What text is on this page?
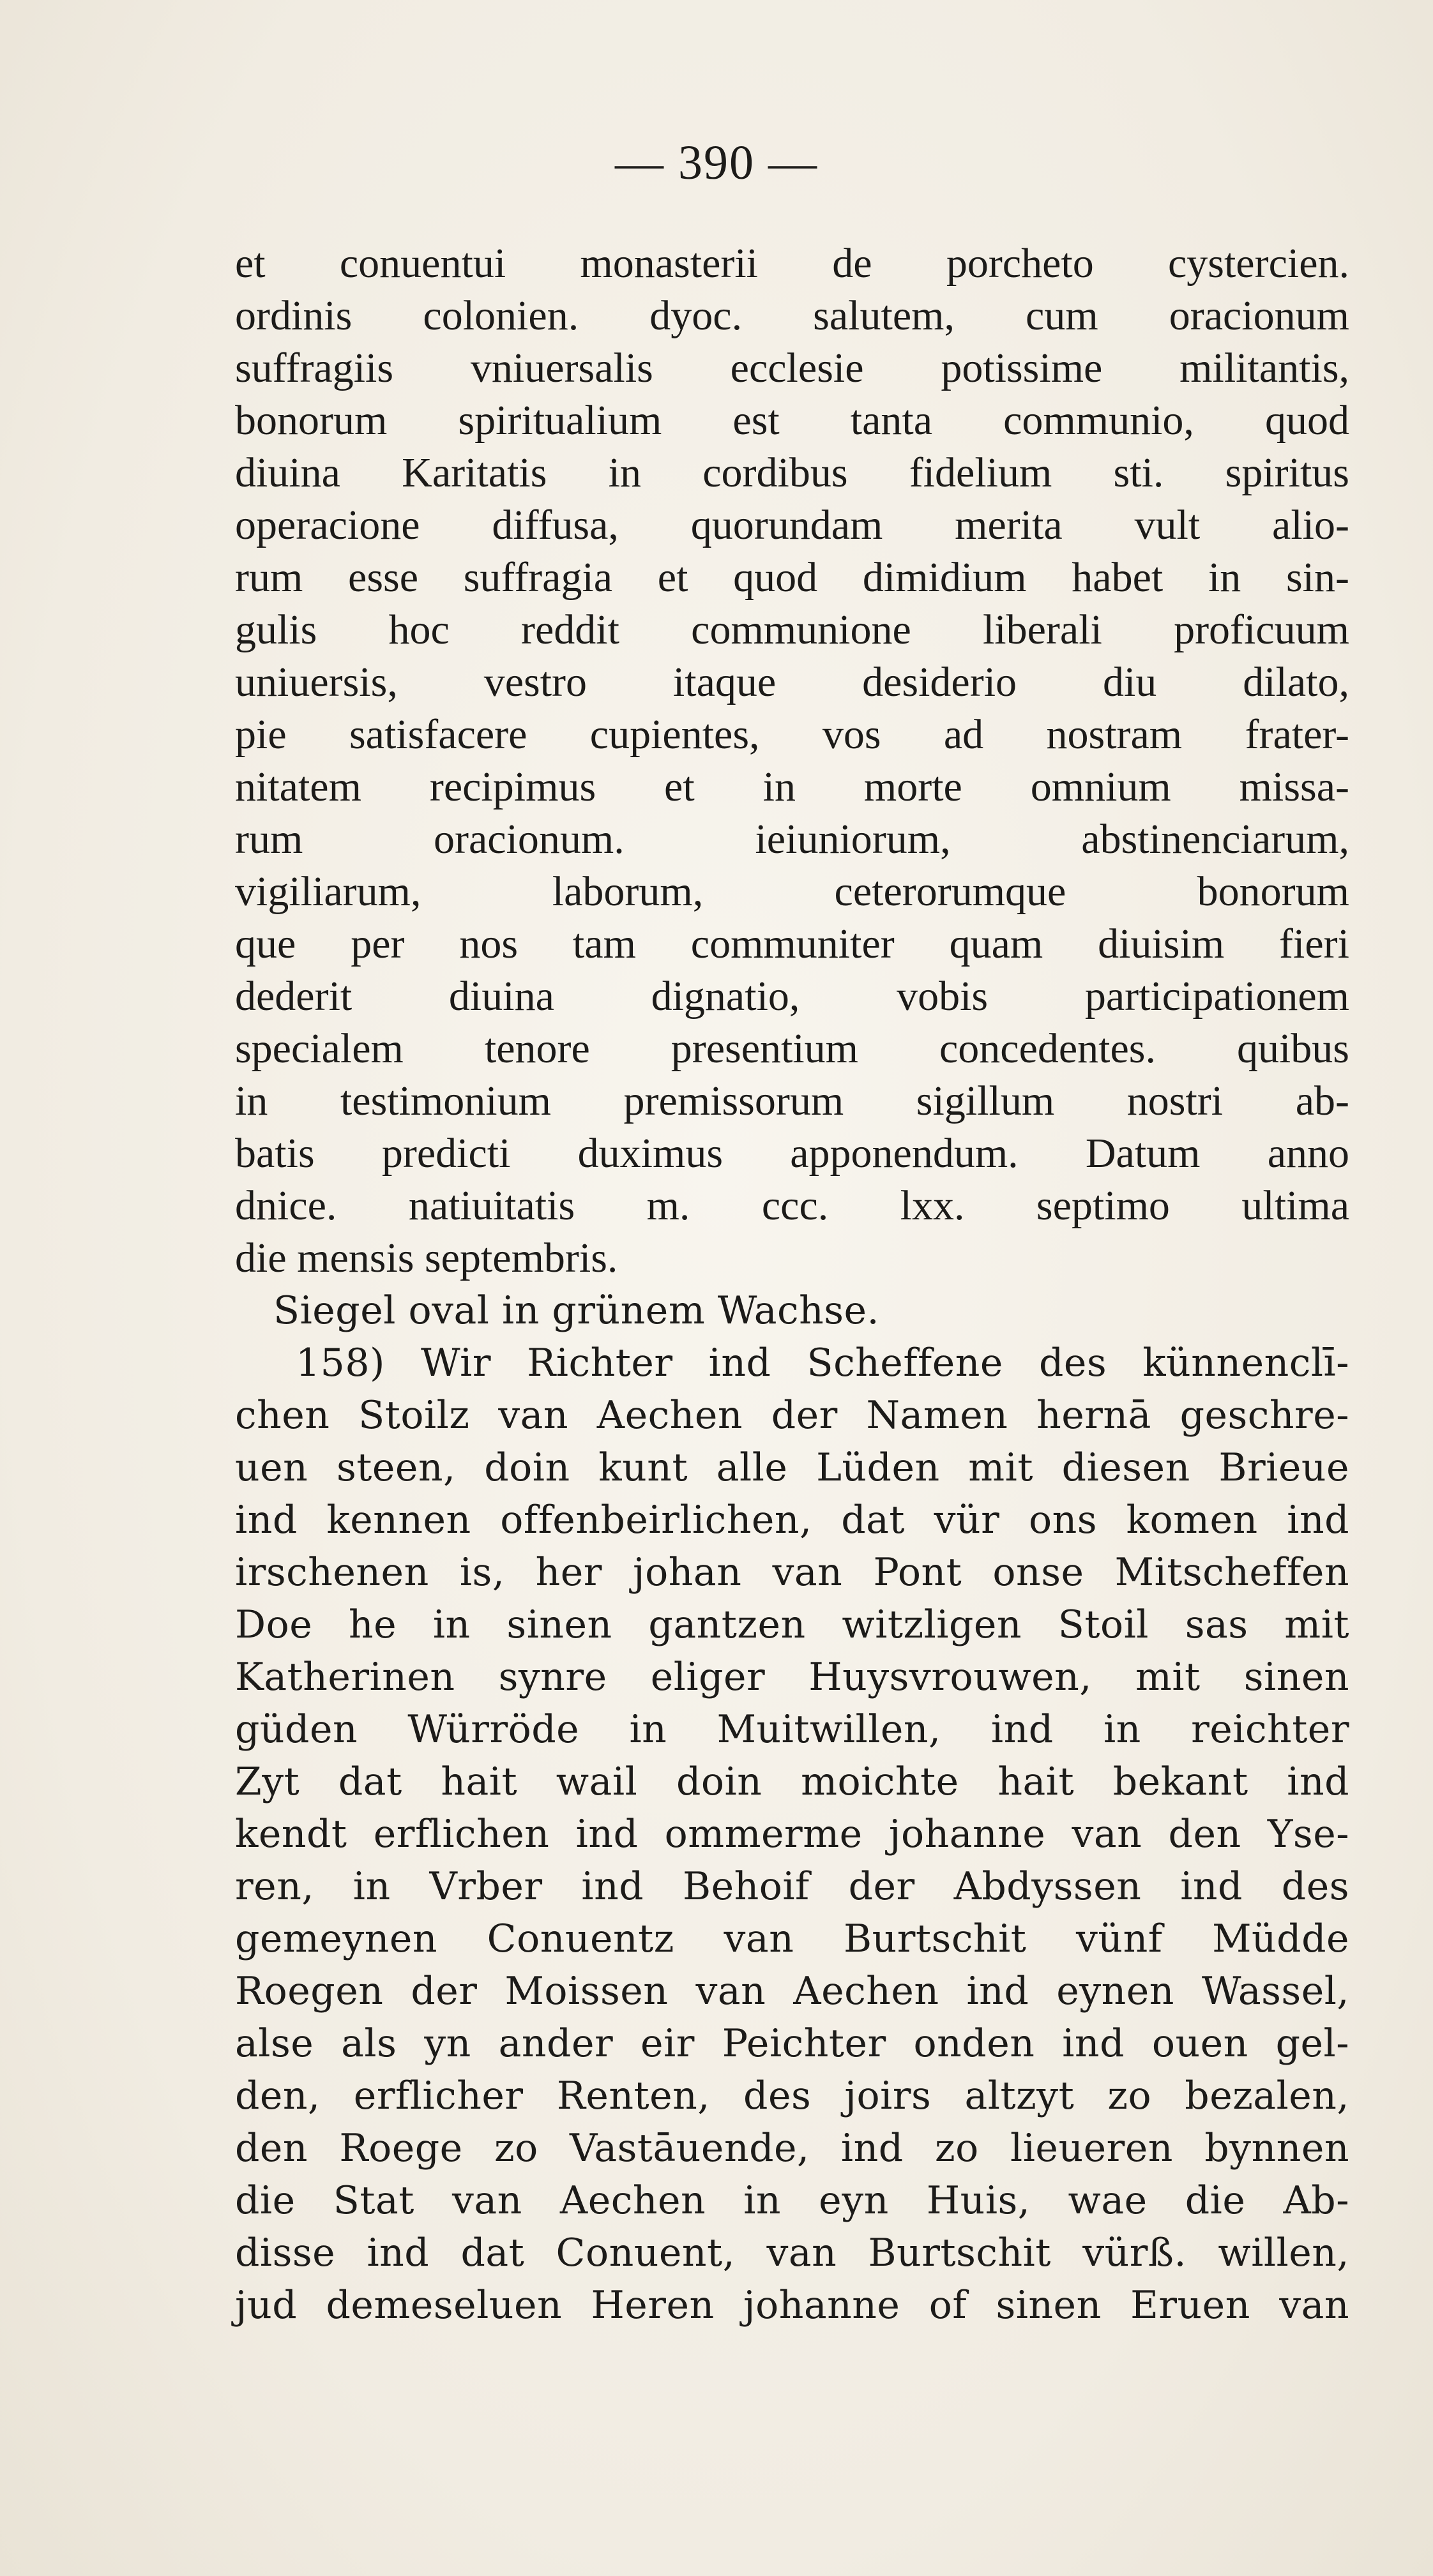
— 390 —
et conuentui monasterii de porcheto cystercien.
ordinis colonien. dyoc. salutem, cum oracionum
suffragiis vniuersalis ecclesie potissime militantis,
bonorum spiritualium est tanta communio, quod
diuina Karitatis in cordibus fidelium sti. spiritus
operacione diffusa, quorundam merita vult alio-
rum esse suffragia et quod dimidium habet in sin-
gulis hoc reddit communione liberali proficuum
uniuersis, vestro itaque desiderio diu dilato,
pie satisfacere cupientes, vos ad nostram frater-
nitatem recipimus et in morte omnium missa-
rum oracionum. ieiuniorum, abstinenciarum,
vigiliarum, laborum, ceterorumque bonorum
que per nos tam communiter quam diuisim fieri
dederit diuina dignatio, vobis participationem
specialem tenore presentium concedentes. quibus
in testimonium premissorum sigillum nostri ab-
batis predicti duximus apponendum. Datum anno
dnice. natiuitatis m. ccc. lxx. septimo ultima
die mensis septembris.
Siegel oval in grünem Wachse.
158) Wir Richter ind Scheffene des künnenclī-
chen Stoilz van Aechen der Namen hernā geschre-
uen steen, doin kunt alle Lüden mit diesen Brieue
ind kennen offenbeirlichen, dat vür ons komen ind
irschenen is, her johan van Pont onse Mitscheffen
Doe he in sinen gantzen witzligen Stoil sas mit
Katherinen synre eliger Huysvrouwen, mit sinen
güden Würröde in Muitwillen, ind in reichter
Zyt dat hait wail doin moichte hait bekant ind
kendt erflichen ind ommerme johanne van den Yse-
ren, in Vrber ind Behoif der Abdyssen ind des
gemeynen Conuentz van Burtschit vünf Müdde
Roegen der Moissen van Aechen ind eynen Wassel,
alse als yn ander eir Peichter onden ind ouen gel-
den, erflicher Renten, des joirs altzyt zo bezalen,
den Roege zo Vastāuende, ind zo lieueren bynnen
die Stat van Aechen in eyn Huis, wae die Ab-
disse ind dat Conuent, van Burtschit vürß. willen,
jud demeseluen Heren johanne of sinen Eruen van
